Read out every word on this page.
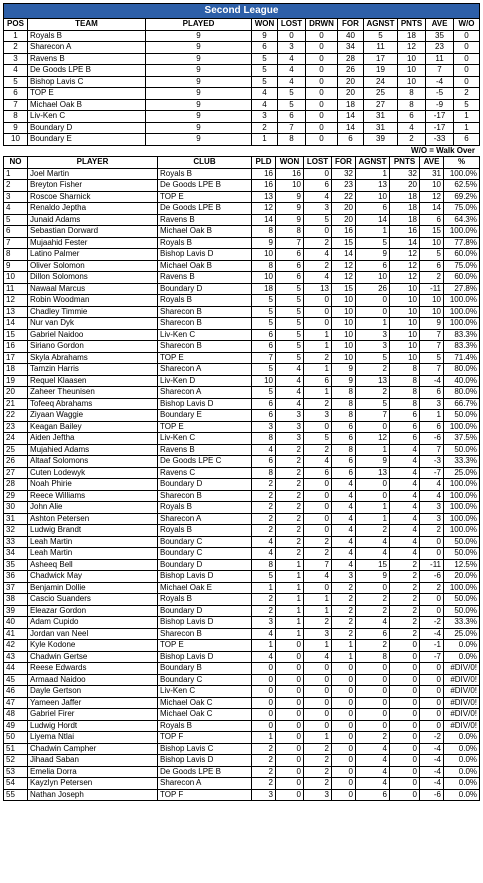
Second League										
POS	TEAM	PLAYED	WON	LOST	DRWN	FOR	AGNST	PNTS	AVE	W/O
1	Royals B	9	9	0	0	40	5	18	35	0
2	Sharecon A	9	6	3	0	34	11	12	23	0
3	Ravens B	9	5	4	0	28	17	10	11	0
4	De Goods LPE B	9	5	4	0	26	19	10	7	0
5	Bishop Lavis C	9	5	4	0	20	24	10	-4	0
6	TOP E	9	4	5	0	20	25	8	-5	2
7	Michael Oak B	9	4	5	0	18	27	8	-9	5
8	Liv-Ken C	9	3	6	0	14	31	6	-17	1
9	Boundary D	9	2	7	0	14	31	4	-17	1
10	Boundary E	9	1	8	0	6	39	2	-33	6
W/O = Walk Over
NO	PLAYER	CLUB	PLD	WON	LOST	FOR	AGNST	PNTS	AVE	%
1	Joel Martin	Royals B	16	16	0	32	1	32	31	100.0%
2	Breyton Fisher	De Goods LPE B	16	10	6	23	13	20	10	62.5%
3	Roscoe Sharnick	TOP E	13	9	4	22	10	18	12	69.2%
4	Renaldo Jeptha	De Goods LPE B	12	9	3	20	6	18	14	75.0%
5	Junaid Adams	Ravens B	14	9	5	20	14	18	6	64.3%
6	Sebastian Dorward	Michael Oak B	8	8	0	16	1	16	15	100.0%
7	Mujaahid Fester	Royals B	9	7	2	15	5	14	10	77.8%
8	Latino Palmer	Bishop Lavis D	10	6	4	14	9	12	5	60.0%
9	Oliver Solomon	Michael Oak B	8	6	2	12	6	12	6	75.0%
10	Dillon Solomons	Ravens B	10	6	4	12	10	12	2	60.0%
11	Nawaal Marcus	Boundary D	18	5	13	15	26	10	-11	27.8%
12	Robin Woodman	Royals B	5	5	0	10	0	10	10	100.0%
13	Chadley Timmie	Sharecon B	5	5	0	10	0	10	10	100.0%
14	Nur van Dyk	Sharecon B	5	5	0	10	1	10	9	100.0%
15	Gabriel Naidoo	Liv-Ken C	6	5	1	10	3	10	7	83.3%
16	Siriano Gordon	Sharecon B	6	5	1	10	3	10	7	83.3%
17	Skyla Abrahams	TOP E	7	5	2	10	5	10	5	71.4%
18	Tamzin Harris	Sharecon A	5	4	1	9	2	8	7	80.0%
19	Requel Klaasen	Liv-Ken D	10	4	6	9	13	8	-4	40.0%
20	Zaheer Theunisen	Sharecon A	5	4	1	8	2	8	6	80.0%
21	Tofeeq Abrahams	Bishop Lavis D	6	4	2	8	5	8	3	66.7%
22	Ziyaan Waggie	Boundary E	6	3	3	8	7	6	1	50.0%
23	Keagan Bailey	TOP E	3	3	0	6	0	6	6	100.0%
24	Aiden Jeftha	Liv-Ken C	8	3	5	6	12	6	-6	37.5%
25	Mujahied Adams	Ravens B	4	2	2	8	1	4	7	50.0%
26	Altaaf Solomons	De Goods LPE C	6	2	4	6	9	4	-3	33.3%
27	Cuten Lodewyk	Ravens C	8	2	6	6	13	4	-7	25.0%
28	Noah Phirie	Boundary D	2	2	0	4	0	4	4	100.0%
29	Reece Williams	Sharecon B	2	2	0	4	0	4	4	100.0%
30	John Alie	Royals B	2	2	0	4	1	4	3	100.0%
31	Ashton Petersen	Sharecon A	2	2	0	4	1	4	3	100.0%
32	Ludwig Brandt	Royals B	2	2	0	4	2	4	2	100.0%
33	Leah Martin	Boundary C	4	2	2	4	4	4	0	50.0%
34	Leah Martin	Boundary C	4	2	2	4	4	4	0	50.0%
35	Asheeq Bell	Boundary D	8	1	7	4	15	2	-11	12.5%
36	Chadwick May	Bishop Lavis D	5	1	4	3	9	2	-6	20.0%
37	Benjamin Dollie	Michael Oak E	1	1	0	2	0	2	2	100.0%
38	Cascio Suanders	Royals B	2	1	1	2	2	2	0	50.0%
39	Eleazar Gordon	Boundary D	2	1	1	2	2	2	0	50.0%
40	Adam Cupido	Bishop Lavis D	3	1	2	2	4	2	-2	33.3%
41	Jordan van Neel	Sharecon B	4	1	3	2	6	2	-4	25.0%
42	Kyle Kodone	TOP E	1	0	1	1	2	0	-1	0.0%
43	Chadwin Gertse	Bishop Lavis D	4	0	4	1	8	0	-7	0.0%
44	Reese Edwards	Boundary B	0	0	0	0	0	0	0	#DIV/0!
45	Armaad Naidoo	Boundary C	0	0	0	0	0	0	0	#DIV/0!
46	Dayle Gertson	Liv-Ken C	0	0	0	0	0	0	0	#DIV/0!
47	Yameen Jaffer	Michael Oak C	0	0	0	0	0	0	0	#DIV/0!
48	Gabriel Firer	Michael Oak C	0	0	0	0	0	0	0	#DIV/0!
49	Ludwig Hordt	Royals B	0	0	0	0	0	0	0	#DIV/0!
50	Liyema Ntlai	TOP F	1	0	1	0	2	0	-2	0.0%
51	Chadwin Campher	Bishop Lavis C	2	0	2	0	4	0	-4	0.0%
52	Jihaad Saban	Bishop Lavis D	2	0	2	0	4	0	-4	0.0%
53	Emelia Dorra	De Goods LPE B	2	0	2	0	4	0	-4	0.0%
54	Kayzlyn Petersen	Sharecon A	2	0	2	0	4	0	-4	0.0%
55	Nathan Joseph	TOP F	3	0	3	0	6	0	-6	0.0%
